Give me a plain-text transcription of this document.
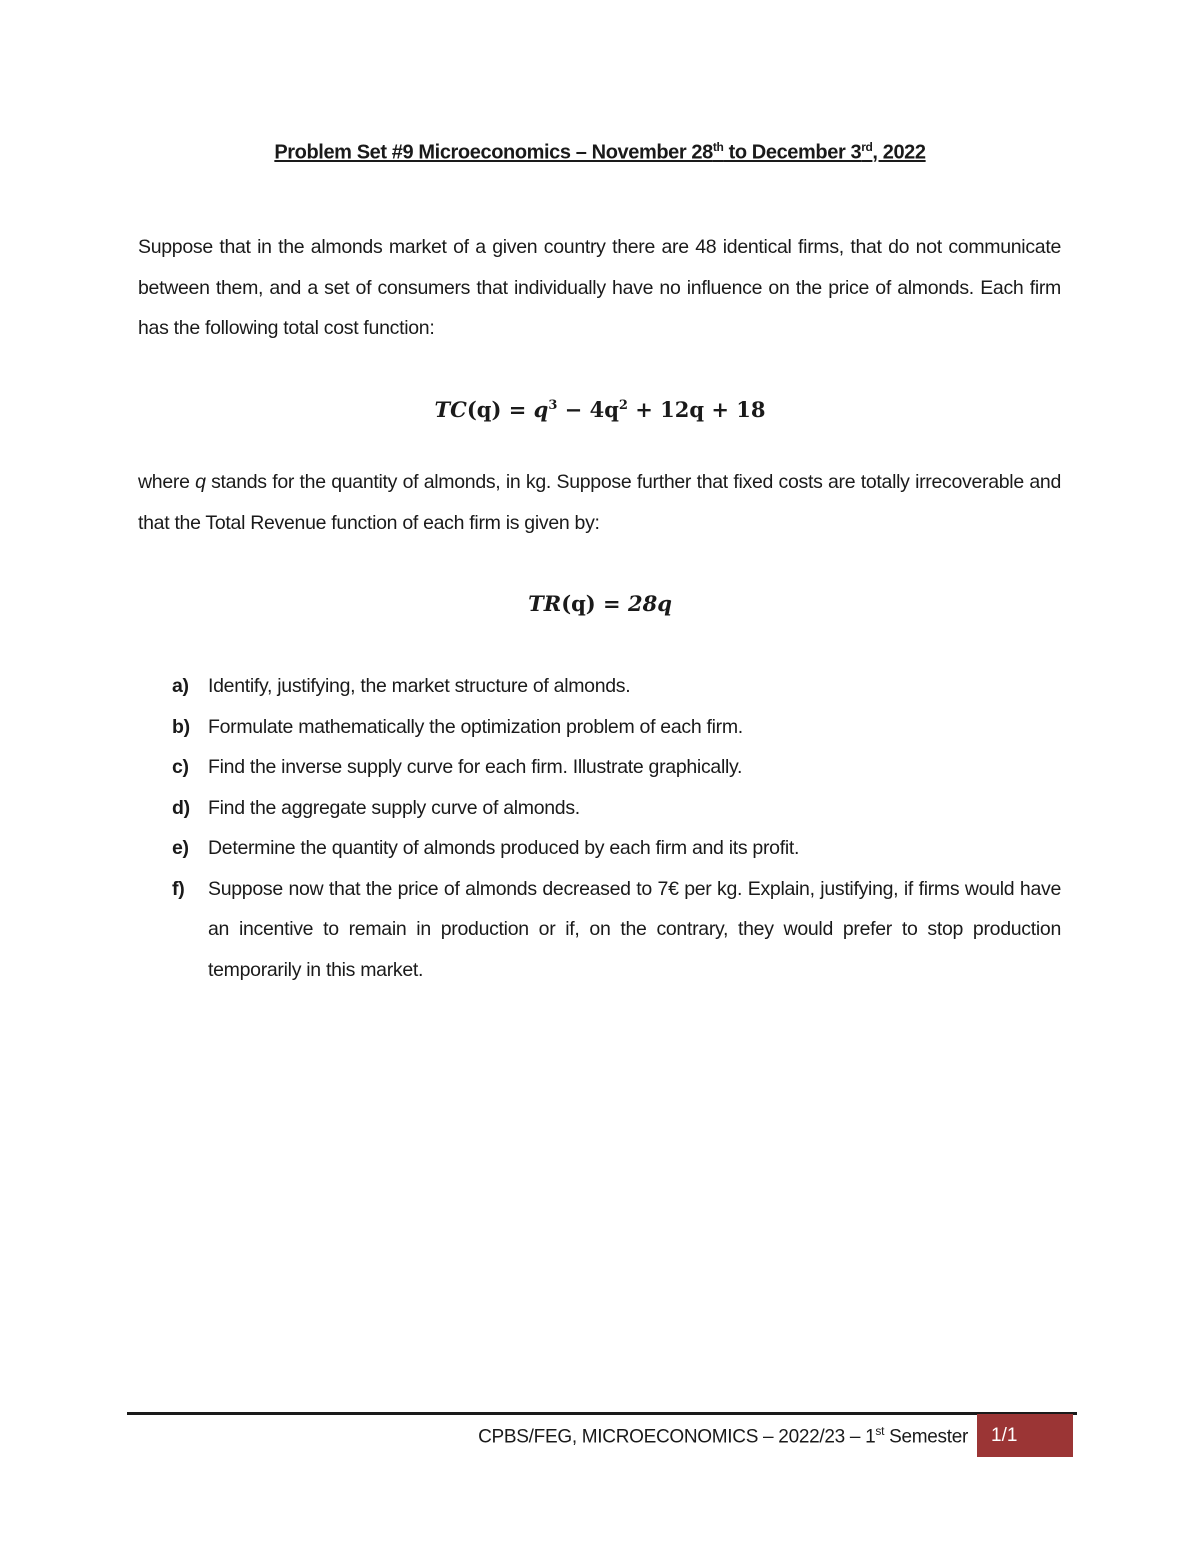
Problem Set #9 Microeconomics – November 28th to December 3rd, 2022
Suppose that in the almonds market of a given country there are 48 identical firms, that do not communicate between them, and a set of consumers that individually have no influence on the price of almonds. Each firm has the following total cost function:
$TC(q) = q^3 - 4q^2 + 12q + 18$
where q stands for the quantity of almonds, in kg. Suppose further that fixed costs are totally irrecoverable and that the Total Revenue function of each firm is given by:
TR(q) = 28q
a) Identify, justifying, the market structure of almonds.
b) Formulate mathematically the optimization problem of each firm.
c) Find the inverse supply curve for each firm. Illustrate graphically.
d) Find the aggregate supply curve of almonds.
e) Determine the quantity of almonds produced by each firm and its profit.
f)	Suppose now that the price of almonds decreased to 7€ per kg. Explain, justifying, if firms would have an incentive to remain in production or if, on the contrary, they would prefer to stop production temporarily in this market.
CPBS/FEG, MICROECONOMICS – 2022/23 – 1st Semester	1/1
